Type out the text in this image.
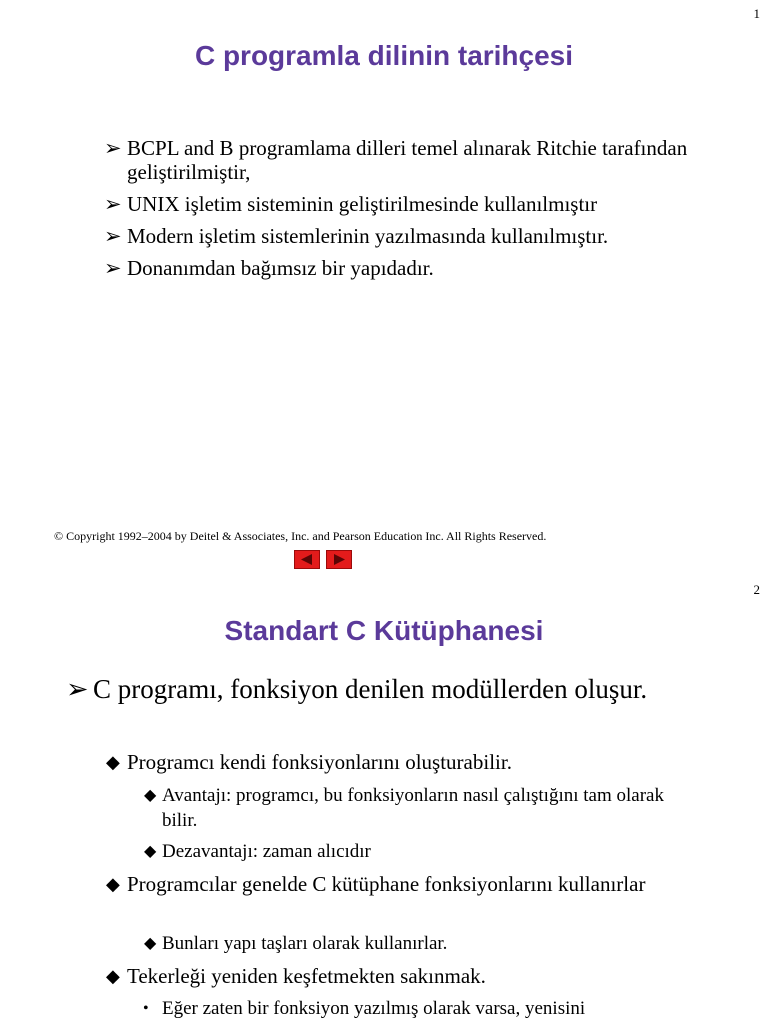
1
C programla dilinin tarihçesi
➢ BCPL and B programlama dilleri temel alınarak Ritchie tarafından geliştirilmiştir,
➢ UNIX işletim sisteminin geliştirilmesinde kullanılmıştır
➢ Modern işletim sistemlerinin yazılmasında kullanılmıştır.
➢ Donanımdan bağımsız bir yapıdadır.
© Copyright 1992–2004 by Deitel & Associates, Inc. and Pearson Education Inc. All Rights Reserved.
2
Standart C Kütüphanesi
➢ C programı, fonksiyon denilen modüllerden oluşur.
◆ Programcı kendi fonksiyonlarını oluşturabilir.
◆ Avantajı: programcı, bu fonksiyonların nasıl çalıştığını tam olarak bilir.
◆ Dezavantajı: zaman alıcıdır
◆ Programcılar genelde C kütüphane fonksiyonlarını kullanırlar
◆ Bunları yapı taşları olarak kullanırlar.
◆ Tekerleği yeniden keşfetmekten sakınmak.
• Eğer zaten bir fonksiyon yazılmış olarak varsa, yenisini
